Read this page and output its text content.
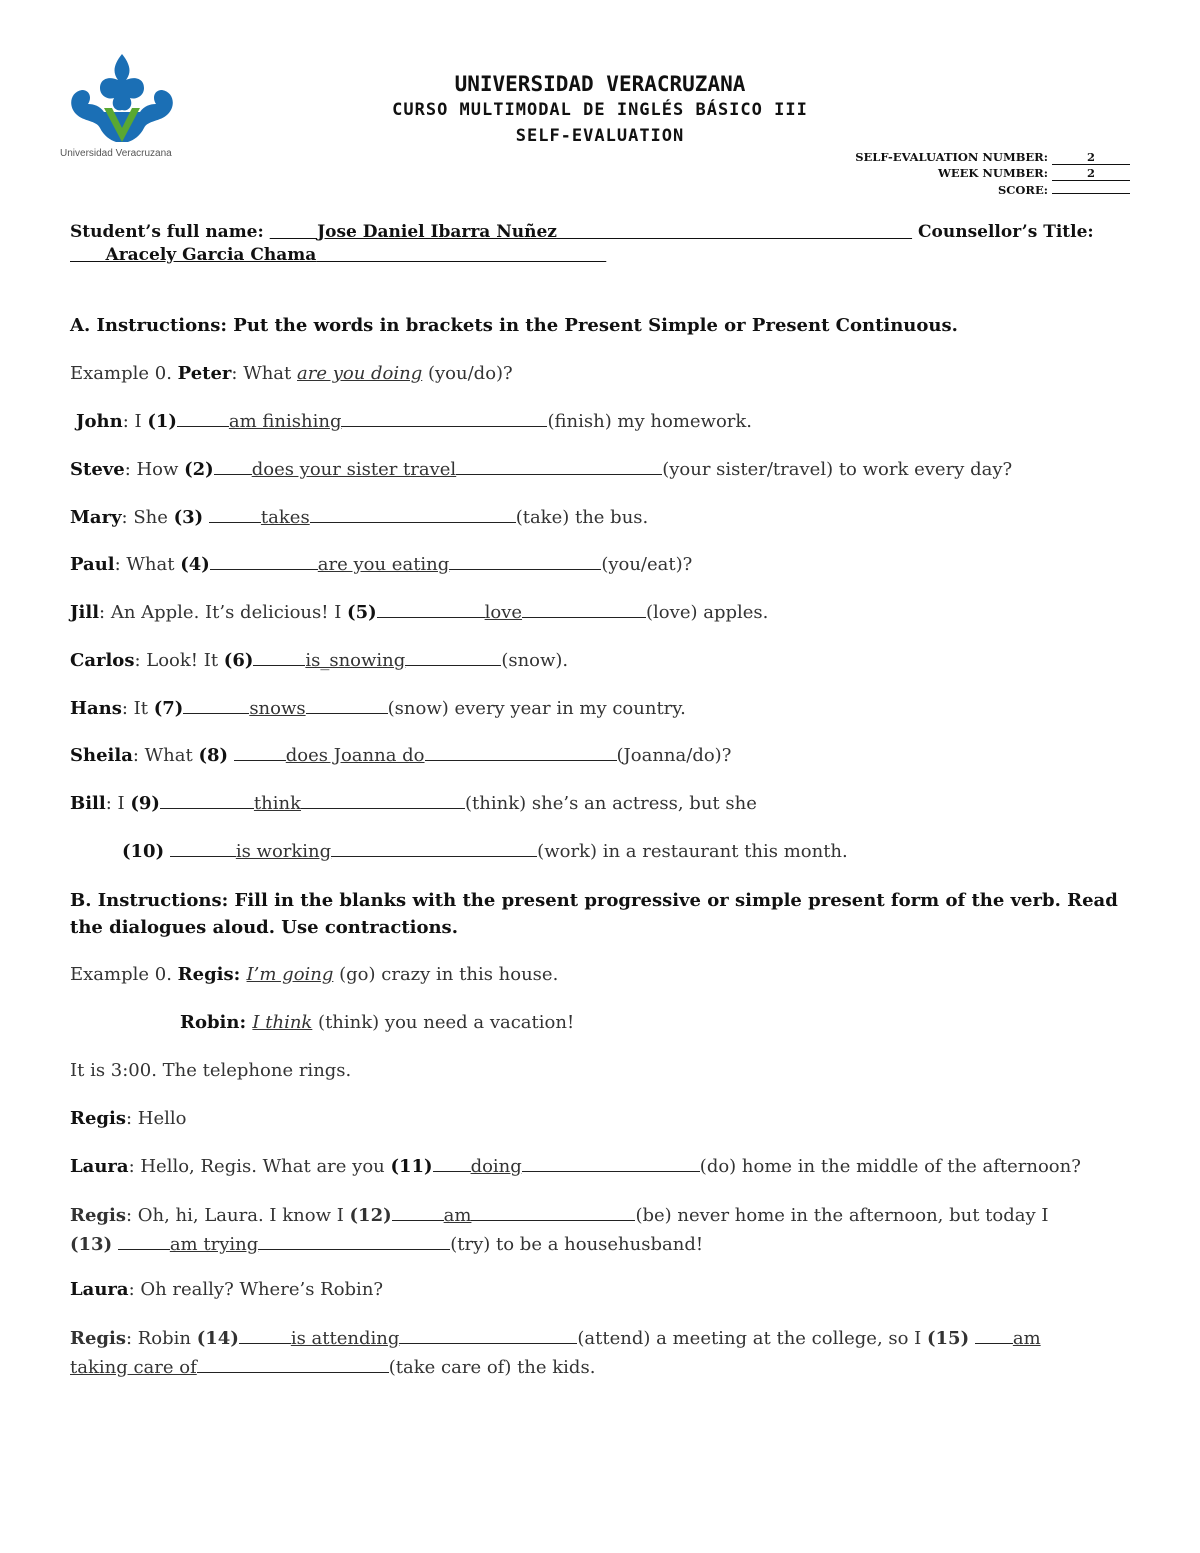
Universidad Veracruzana
UNIVERSIDAD VERACRUZANA
CURSO MULTIMODAL DE INGLÉS BÁSICO III
SELF-EVALUATION
SELF-EVALUATION NUMBER:	2
WEEK NUMBER:	2
SCORE:
Student’s full name:	Jose Daniel Ibarra Nuñez	Counsellor’s Title:
Aracely Garcia Chama
A. Instructions: Put the words in brackets in the Present Simple or Present Continuous.
Example 0. Peter: What are you doing (you/do)?
John: I (1)	am finishing	(finish) my homework.
Steve: How (2) does your sister travel	(your sister/travel) to work every day?
Mary: She (3)	takes	(take) the bus.
Paul: What (4)	are you eating	(you/eat)?
Jill: An Apple. It’s delicious! I (5)	love	(love) apples.
Carlos: Look! It (6)	is_snowing	(snow).
Hans: It (7)	snows	(snow) every year in my country.
Sheila: What (8)	does Joanna do	(Joanna/do)?
Bill: I (9)	think	(think) she’s an actress, but she
(10)	is working	(work) in a restaurant this month.
B. Instructions: Fill in the blanks with the present progressive or simple present form of the verb. Read the dialogues aloud. Use contractions.
Example 0. Regis: I’m going (go) crazy in this house.
Robin: I think (think) you need a vacation!
It is 3:00. The telephone rings.
Regis: Hello
Laura: Hello, Regis. What are you (11) doing	(do) home in the middle of the afternoon?
Regis: Oh, hi, Laura. I know I (12)	am	(be) never home in the afternoon, but today I
(13)	am trying	(try) to be a househusband!
Laura: Oh really? Where’s Robin?
Regis: Robin (14)	is attending	(attend) a meeting at the college, so I (15) am
taking care of	(take care of) the kids.
